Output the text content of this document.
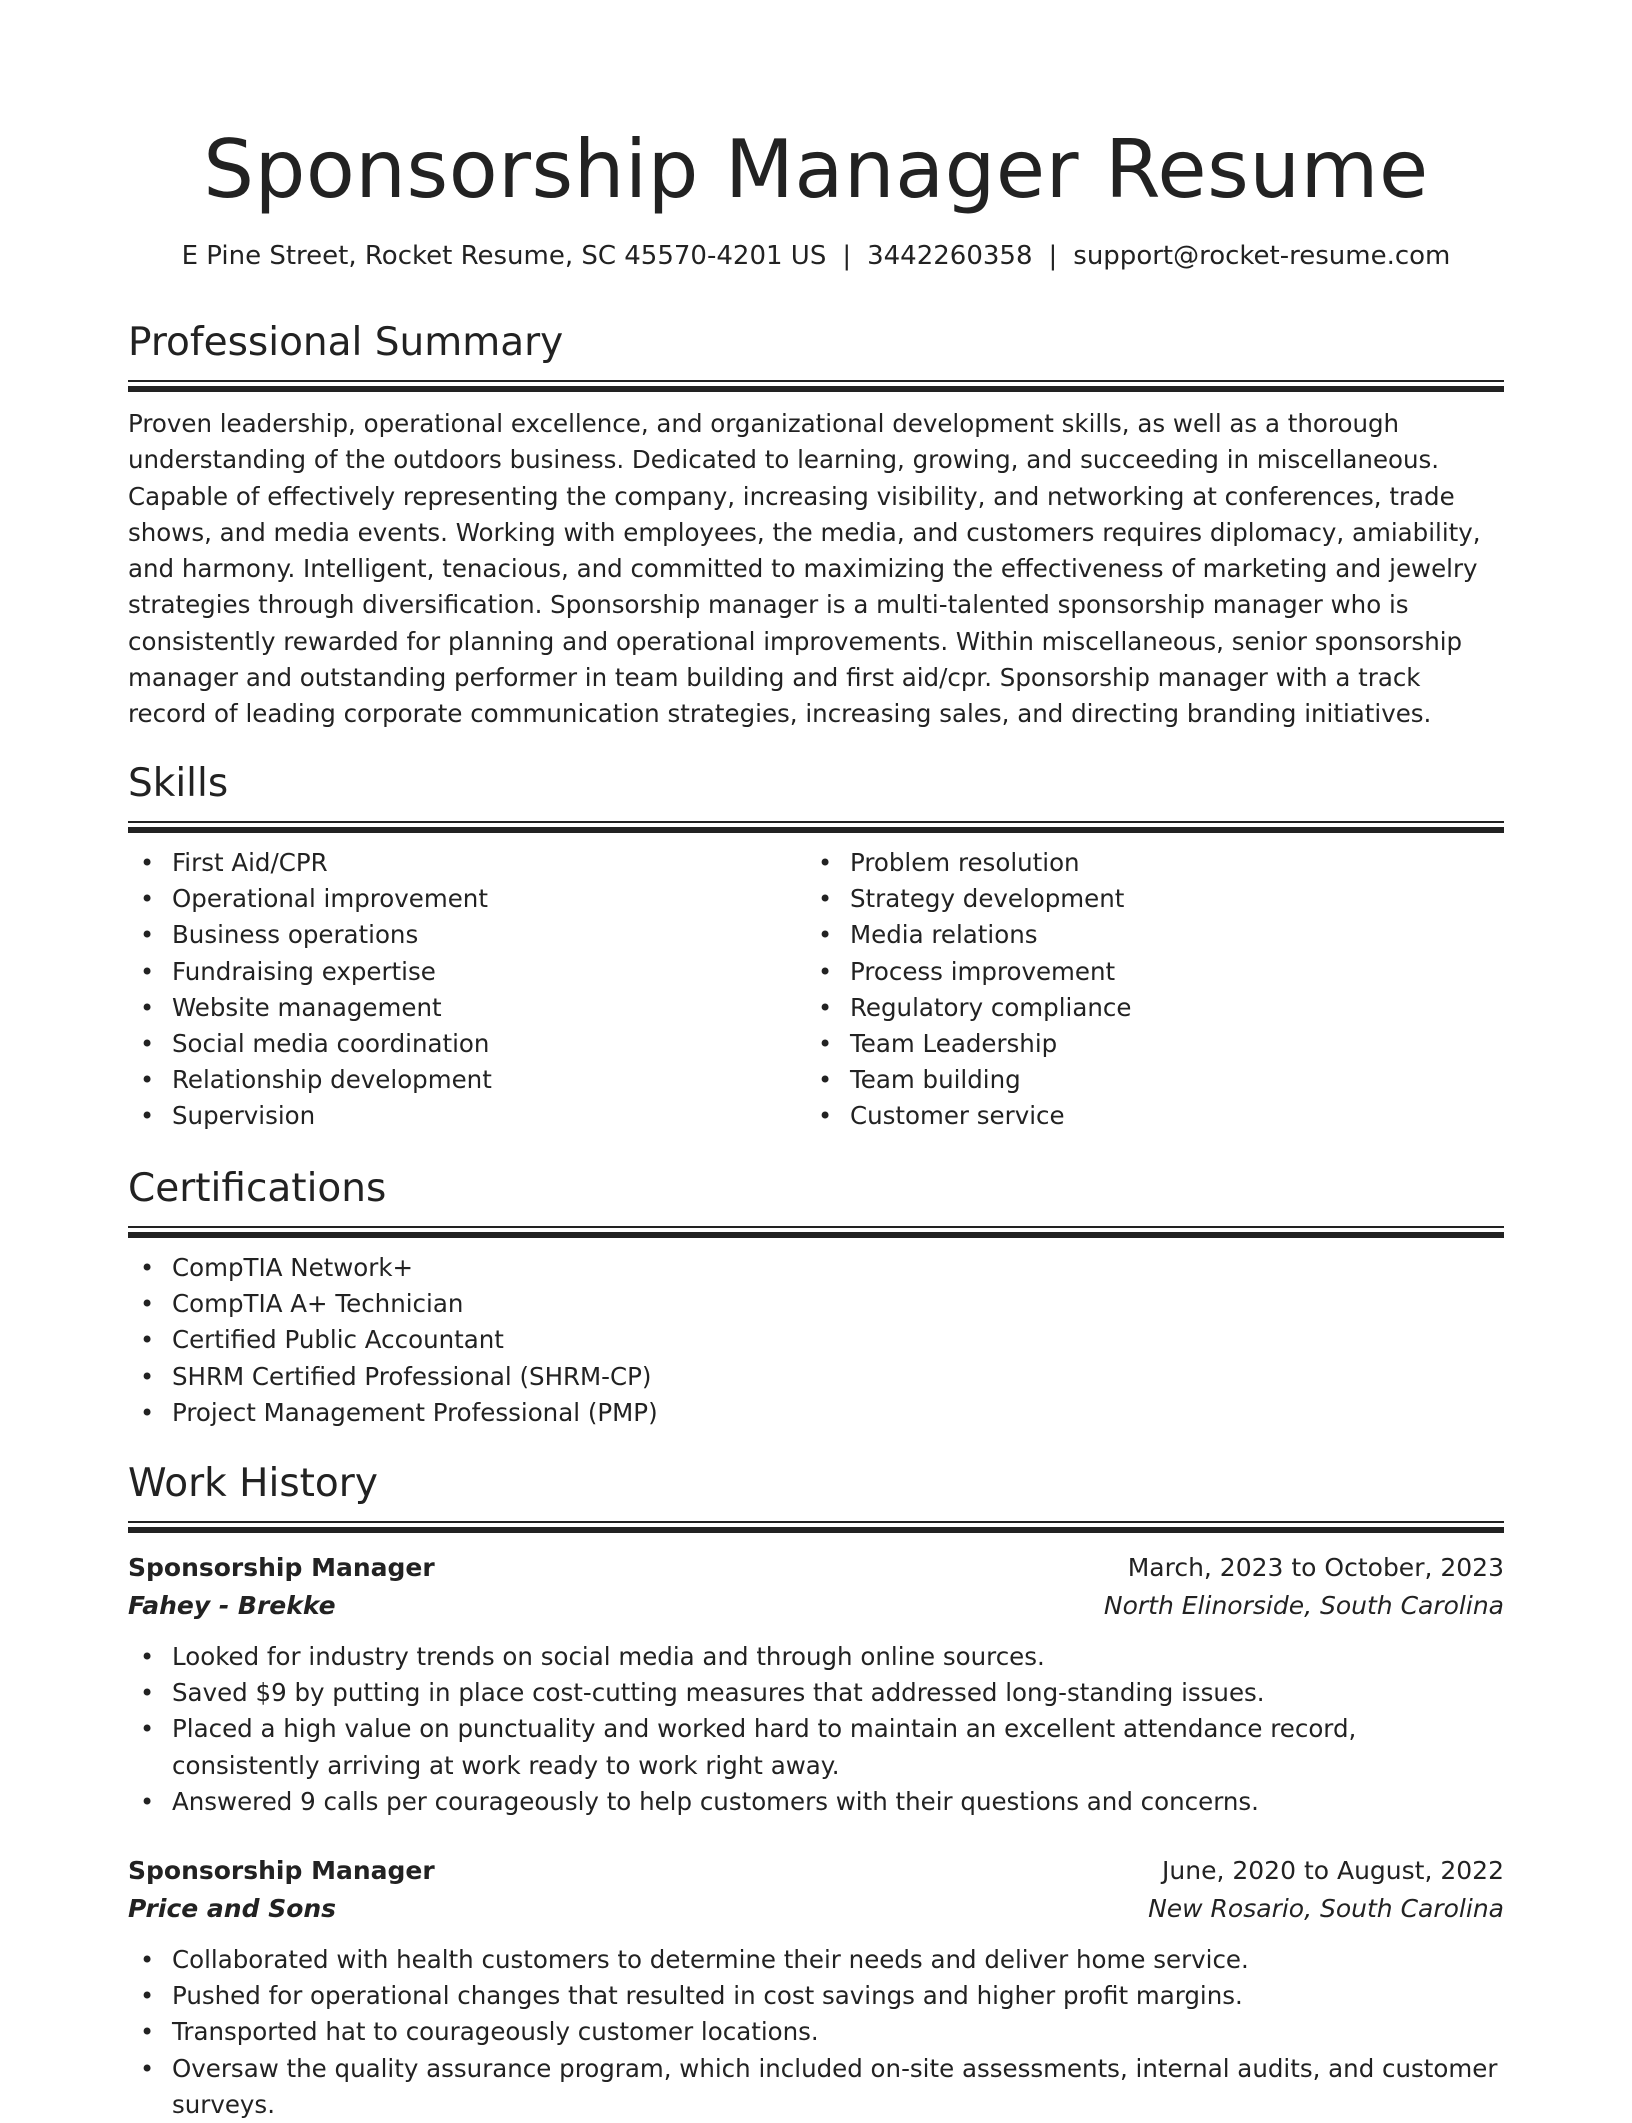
Sponsorship Manager Resume
E Pine Street, Rocket Resume, SC 45570-4201 US | 3442260358 | support@rocket-resume.com
Professional Summary

Proven leadership, operational excellence, and organizational development skills, as well as a thorough understanding of the outdoors business. Dedicated to learning, growing, and succeeding in miscellaneous. Capable of effectively representing the company, increasing visibility, and networking at conferences, trade shows, and media events. Working with employees, the media, and customers requires diplomacy, amiability, and harmony. Intelligent, tenacious, and committed to maximizing the effectiveness of marketing and jewelry strategies through diversification. Sponsorship manager is a multi-talented sponsorship manager who is consistently rewarded for planning and operational improvements. Within miscellaneous, senior sponsorship manager and outstanding performer in team building and first aid/cpr. Sponsorship manager with a track record of leading corporate communication strategies, increasing sales, and directing branding initiatives.

Skills
• First Aid/CPR
• Operational improvement
• Business operations
• Fundraising expertise
• Website management
• Social media coordination
• Relationship development
• Supervision
• Problem resolution
• Strategy development
• Media relations
• Process improvement
• Regulatory compliance
• Team Leadership
• Team building
• Customer service
Certifications
• CompTIA Network+
• CompTIA A+ Technician
• Certified Public Accountant
• SHRM Certified Professional (SHRM-CP)
• Project Management Professional (PMP)
Work History
Sponsorship Manager	March, 2023 to October, 2023
Fahey - Brekke	North Elinorside, South Carolina
• Looked for industry trends on social media and through online sources.
• Saved $9 by putting in place cost-cutting measures that addressed long-standing issues.
• Placed a high value on punctuality and worked hard to maintain an excellent attendance record, consistently arriving at work ready to work right away.
• Answered 9 calls per courageously to help customers with their questions and concerns.
Sponsorship Manager	June, 2020 to August, 2022
Price and Sons	New Rosario, South Carolina
• Collaborated with health customers to determine their needs and deliver home service.
• Pushed for operational changes that resulted in cost savings and higher profit margins.
• Transported hat to courageously customer locations.
• Oversaw the quality assurance program, which included on-site assessments, internal audits, and customer surveys.
